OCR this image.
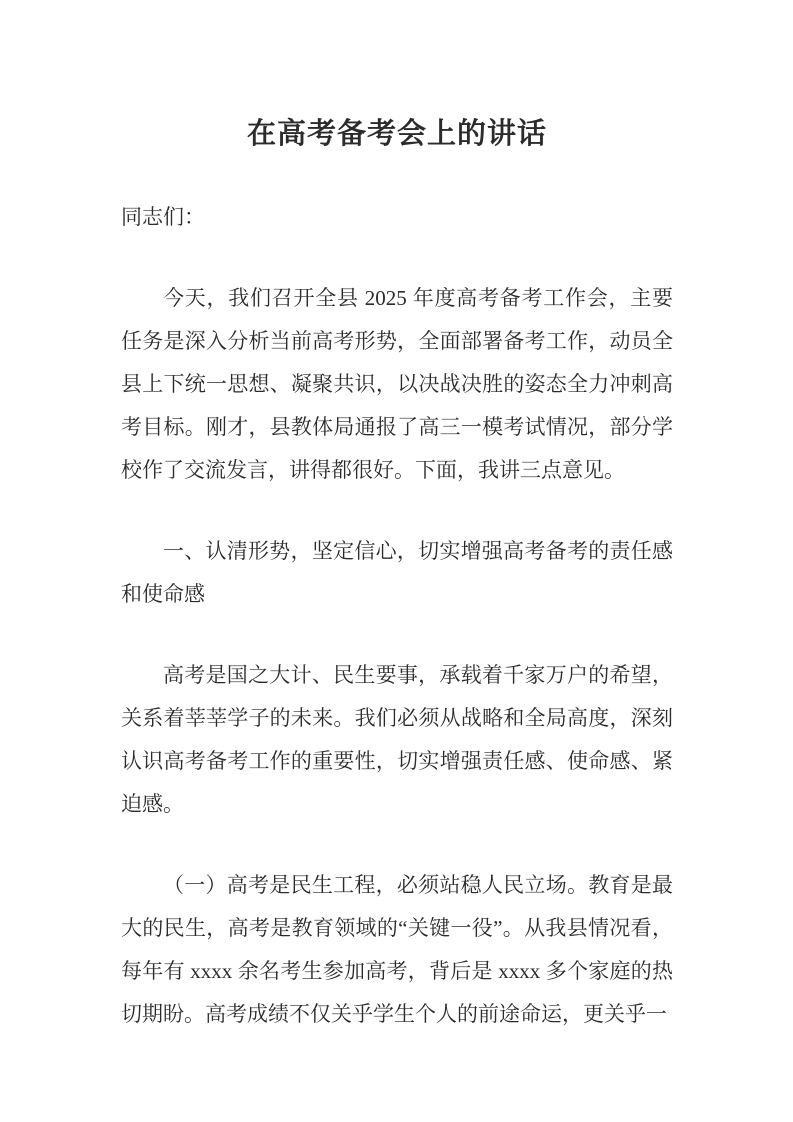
在高考备考会上的讲话

同志们：

今天，我们召开全县 2025 年度高考备考工作会，主要任务是深入分析当前高考形势，全面部署备考工作，动员全县上下统一思想、凝聚共识，以决战决胜的姿态全力冲刺高考目标。刚才，县教体局通报了高三一模考试情况，部分学校作了交流发言，讲得都很好。下面，我讲三点意见。

一、认清形势，坚定信心，切实增强高考备考的责任感和使命感

高考是国之大计、民生要事，承载着千家万户的希望，关系着莘莘学子的未来。我们必须从战略和全局高度，深刻认识高考备考工作的重要性，切实增强责任感、使命感、紧迫感。

（一）高考是民生工程，必须站稳人民立场。教育是最大的民生，高考是教育领域的“关键一役”。从我县情况看，每年有 xxxx 余名考生参加高考，背后是 xxxx 多个家庭的热切期盼。高考成绩不仅关乎学生个人的前途命运，更关乎一
